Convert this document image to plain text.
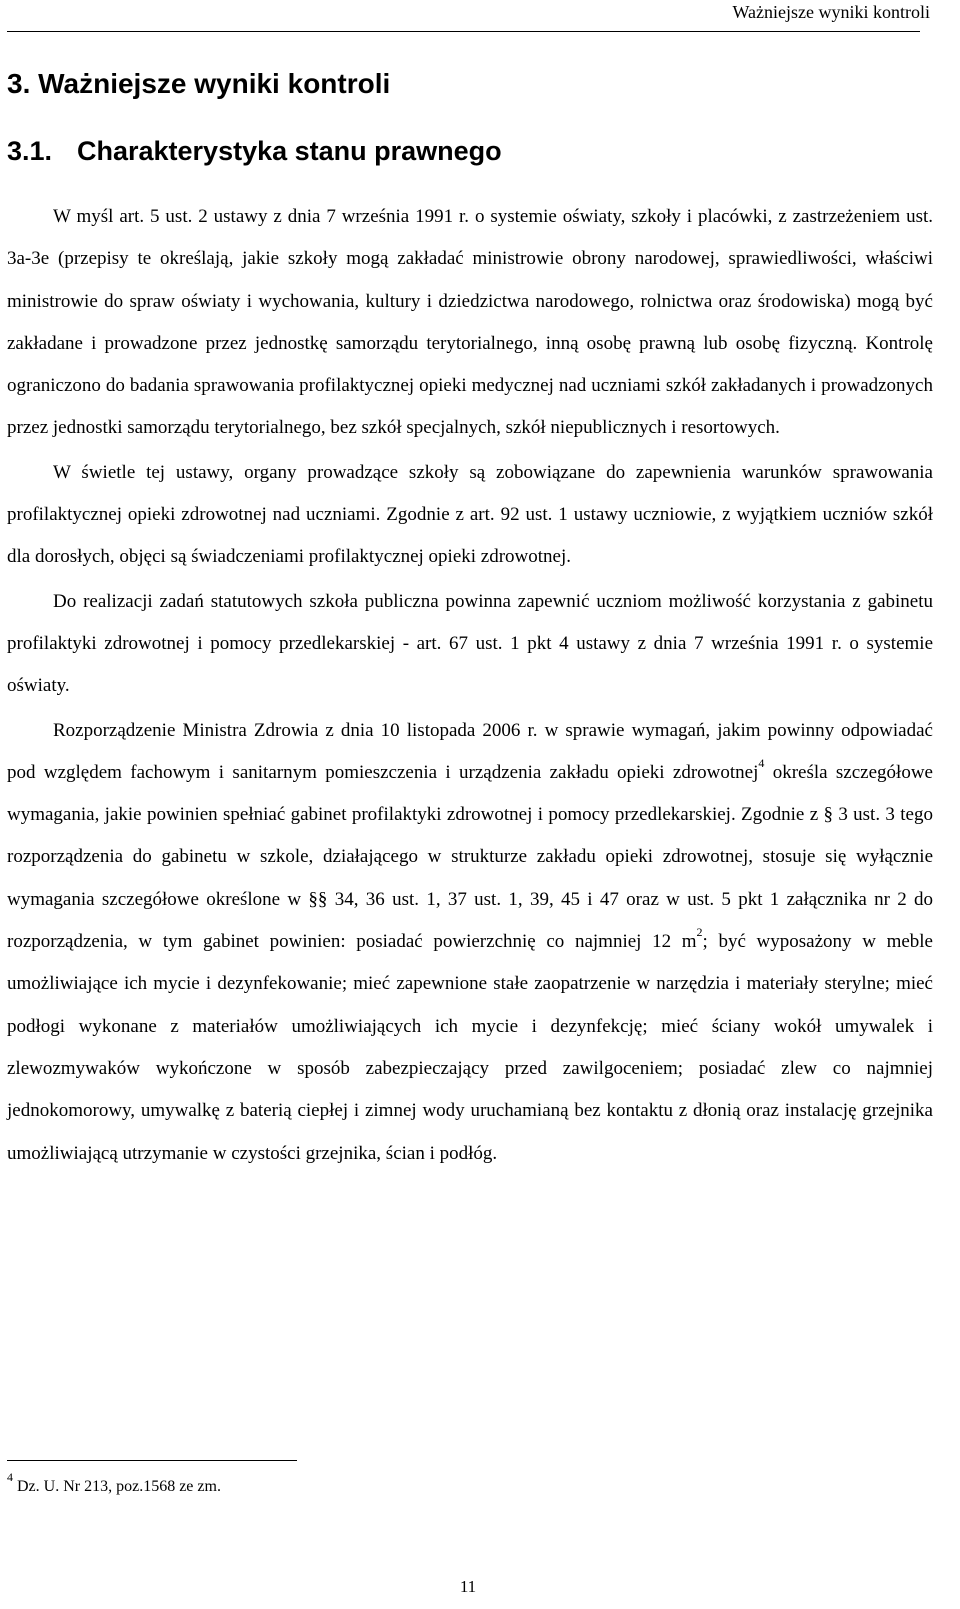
Ważniejsze wyniki kontroli
3. Ważniejsze wyniki kontroli
3.1. Charakterystyka stanu prawnego

W myśl art. 5 ust. 2 ustawy z dnia 7 września 1991 r. o systemie oświaty, szkoły i placówki, z zastrzeżeniem ust. 3a-3e (przepisy te określają, jakie szkoły mogą zakładać ministrowie obrony narodowej, sprawiedliwości, właściwi ministrowie do spraw oświaty i wychowania, kultury i dziedzictwa narodowego, rolnictwa oraz środowiska) mogą być zakładane i prowadzone przez jednostkę samorządu terytorialnego, inną osobę prawną lub osobę fizyczną. Kontrolę ograniczono do badania sprawowania profilaktycznej opieki medycznej nad uczniami szkół zakładanych i prowadzonych przez jednostki samorządu terytorialnego, bez szkół specjalnych, szkół niepublicznych i resortowych.

W świetle tej ustawy, organy prowadzące szkoły są zobowiązane do zapewnienia warunków sprawowania profilaktycznej opieki zdrowotnej nad uczniami. Zgodnie z art. 92 ust. 1 ustawy uczniowie, z wyjątkiem uczniów szkół dla dorosłych, objęci są świadczeniami profilaktycznej opieki zdrowotnej.

Do realizacji zadań statutowych szkoła publiczna powinna zapewnić uczniom możliwość korzystania z gabinetu profilaktyki zdrowotnej i pomocy przedlekarskiej - art. 67 ust. 1 pkt 4 ustawy z dnia 7 września 1991 r. o systemie oświaty.

Rozporządzenie Ministra Zdrowia z dnia 10 listopada 2006 r. w sprawie wymagań, jakim powinny odpowiadać pod względem fachowym i sanitarnym pomieszczenia i urządzenia zakładu opieki zdrowotnej$^4$ określa szczegółowe wymagania, jakie powinien spełniać gabinet profilaktyki zdrowotnej i pomocy przedlekarskiej. Zgodnie z § 3 ust. 3 tego rozporządzenia do gabinetu w szkole, działającego w strukturze zakładu opieki zdrowotnej, stosuje się wyłącznie wymagania szczegółowe określone w §§ 34, 36 ust. 1, 37 ust. 1, 39, 45 i 47 oraz w ust. 5 pkt 1 załącznika nr 2 do rozporządzenia, w tym gabinet powinien: posiadać powierzchnię co najmniej 12 $m^2$; być wyposażony w meble umożliwiające ich mycie i dezynfekowanie; mieć zapewnione stałe zaopatrzenie w narzędzia i materiały sterylne; mieć podłogi wykonane z materiałów umożliwiających ich mycie i dezynfekcję; mieć ściany wokół umywalek i zlewozmywaków wykończone w sposób zabezpieczający przed zawilgoceniem; posiadać zlew co najmniej jednokomorowy, umywalkę z baterią ciepłej i zimnej wody uruchamianą bez kontaktu z dłonią oraz instalację grzejnika umożliwiającą utrzymanie w czystości grzejnika, ścian i podłóg.

$^4$ Dz. U. Nr 213, poz.1568 ze zm.
11
